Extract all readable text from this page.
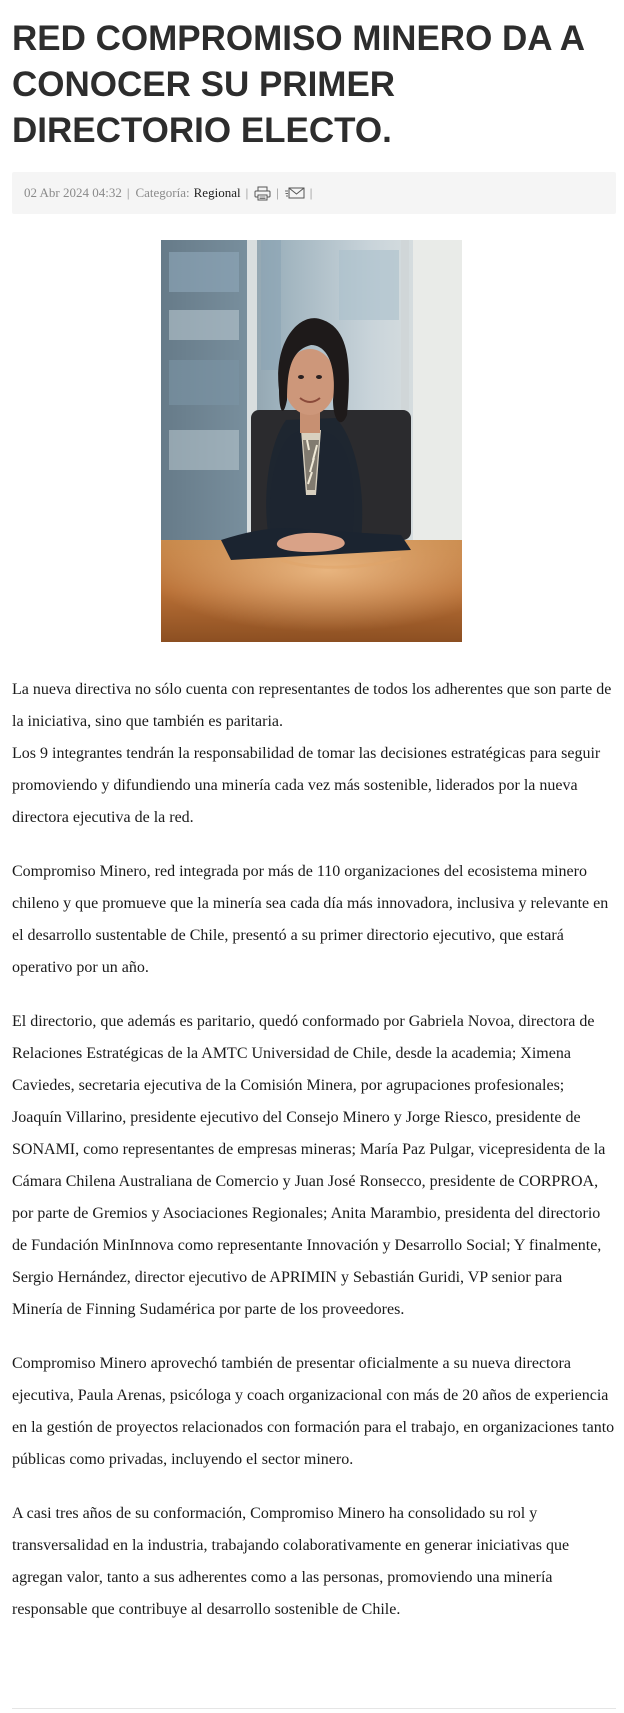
RED COMPROMISO MINERO DA A CONOCER SU PRIMER DIRECTORIO ELECTO.
02 Abr 2024 04:32 | Categoría: Regional | | |

La nueva directiva no sólo cuenta con representantes de todos los adherentes que son parte de la iniciativa, sino que también es paritaria.
Los 9 integrantes tendrán la responsabilidad de tomar las decisiones estratégicas para seguir promoviendo y difundiendo una minería cada vez más sostenible, liderados por la nueva directora ejecutiva de la red.

Compromiso Minero, red integrada por más de 110 organizaciones del ecosistema minero chileno y que promueve que la minería sea cada día más innovadora, inclusiva y relevante en el desarrollo sustentable de Chile, presentó a su primer directorio ejecutivo, que estará operativo por un año.

El directorio, que además es paritario, quedó conformado por Gabriela Novoa, directora de Relaciones Estratégicas de la AMTC Universidad de Chile, desde la academia; Ximena Caviedes, secretaria ejecutiva de la Comisión Minera, por agrupaciones profesionales; Joaquín Villarino, presidente ejecutivo del Consejo Minero y Jorge Riesco, presidente de SONAMI, como representantes de empresas mineras; María Paz Pulgar, vicepresidenta de la Cámara Chilena Australiana de Comercio y Juan José Ronsecco, presidente de CORPROA, por parte de Gremios y Asociaciones Regionales; Anita Marambio, presidenta del directorio de Fundación MinInnova como representante Innovación y Desarrollo Social; Y finalmente, Sergio Hernández, director ejecutivo de APRIMIN y Sebastián Guridi, VP senior para Minería de Finning Sudamérica por parte de los proveedores.

Compromiso Minero aprovechó también de presentar oficialmente a su nueva directora ejecutiva, Paula Arenas, psicóloga y coach organizacional con más de 20 años de experiencia en la gestión de proyectos relacionados con formación para el trabajo, en organizaciones tanto públicas como privadas, incluyendo el sector minero.

A casi tres años de su conformación, Compromiso Minero ha consolidado su rol y transversalidad en la industria, trabajando colaborativamente en generar iniciativas que agregan valor, tanto a sus adherentes como a las personas, promoviendo una minería responsable que contribuye al desarrollo sostenible de Chile.
